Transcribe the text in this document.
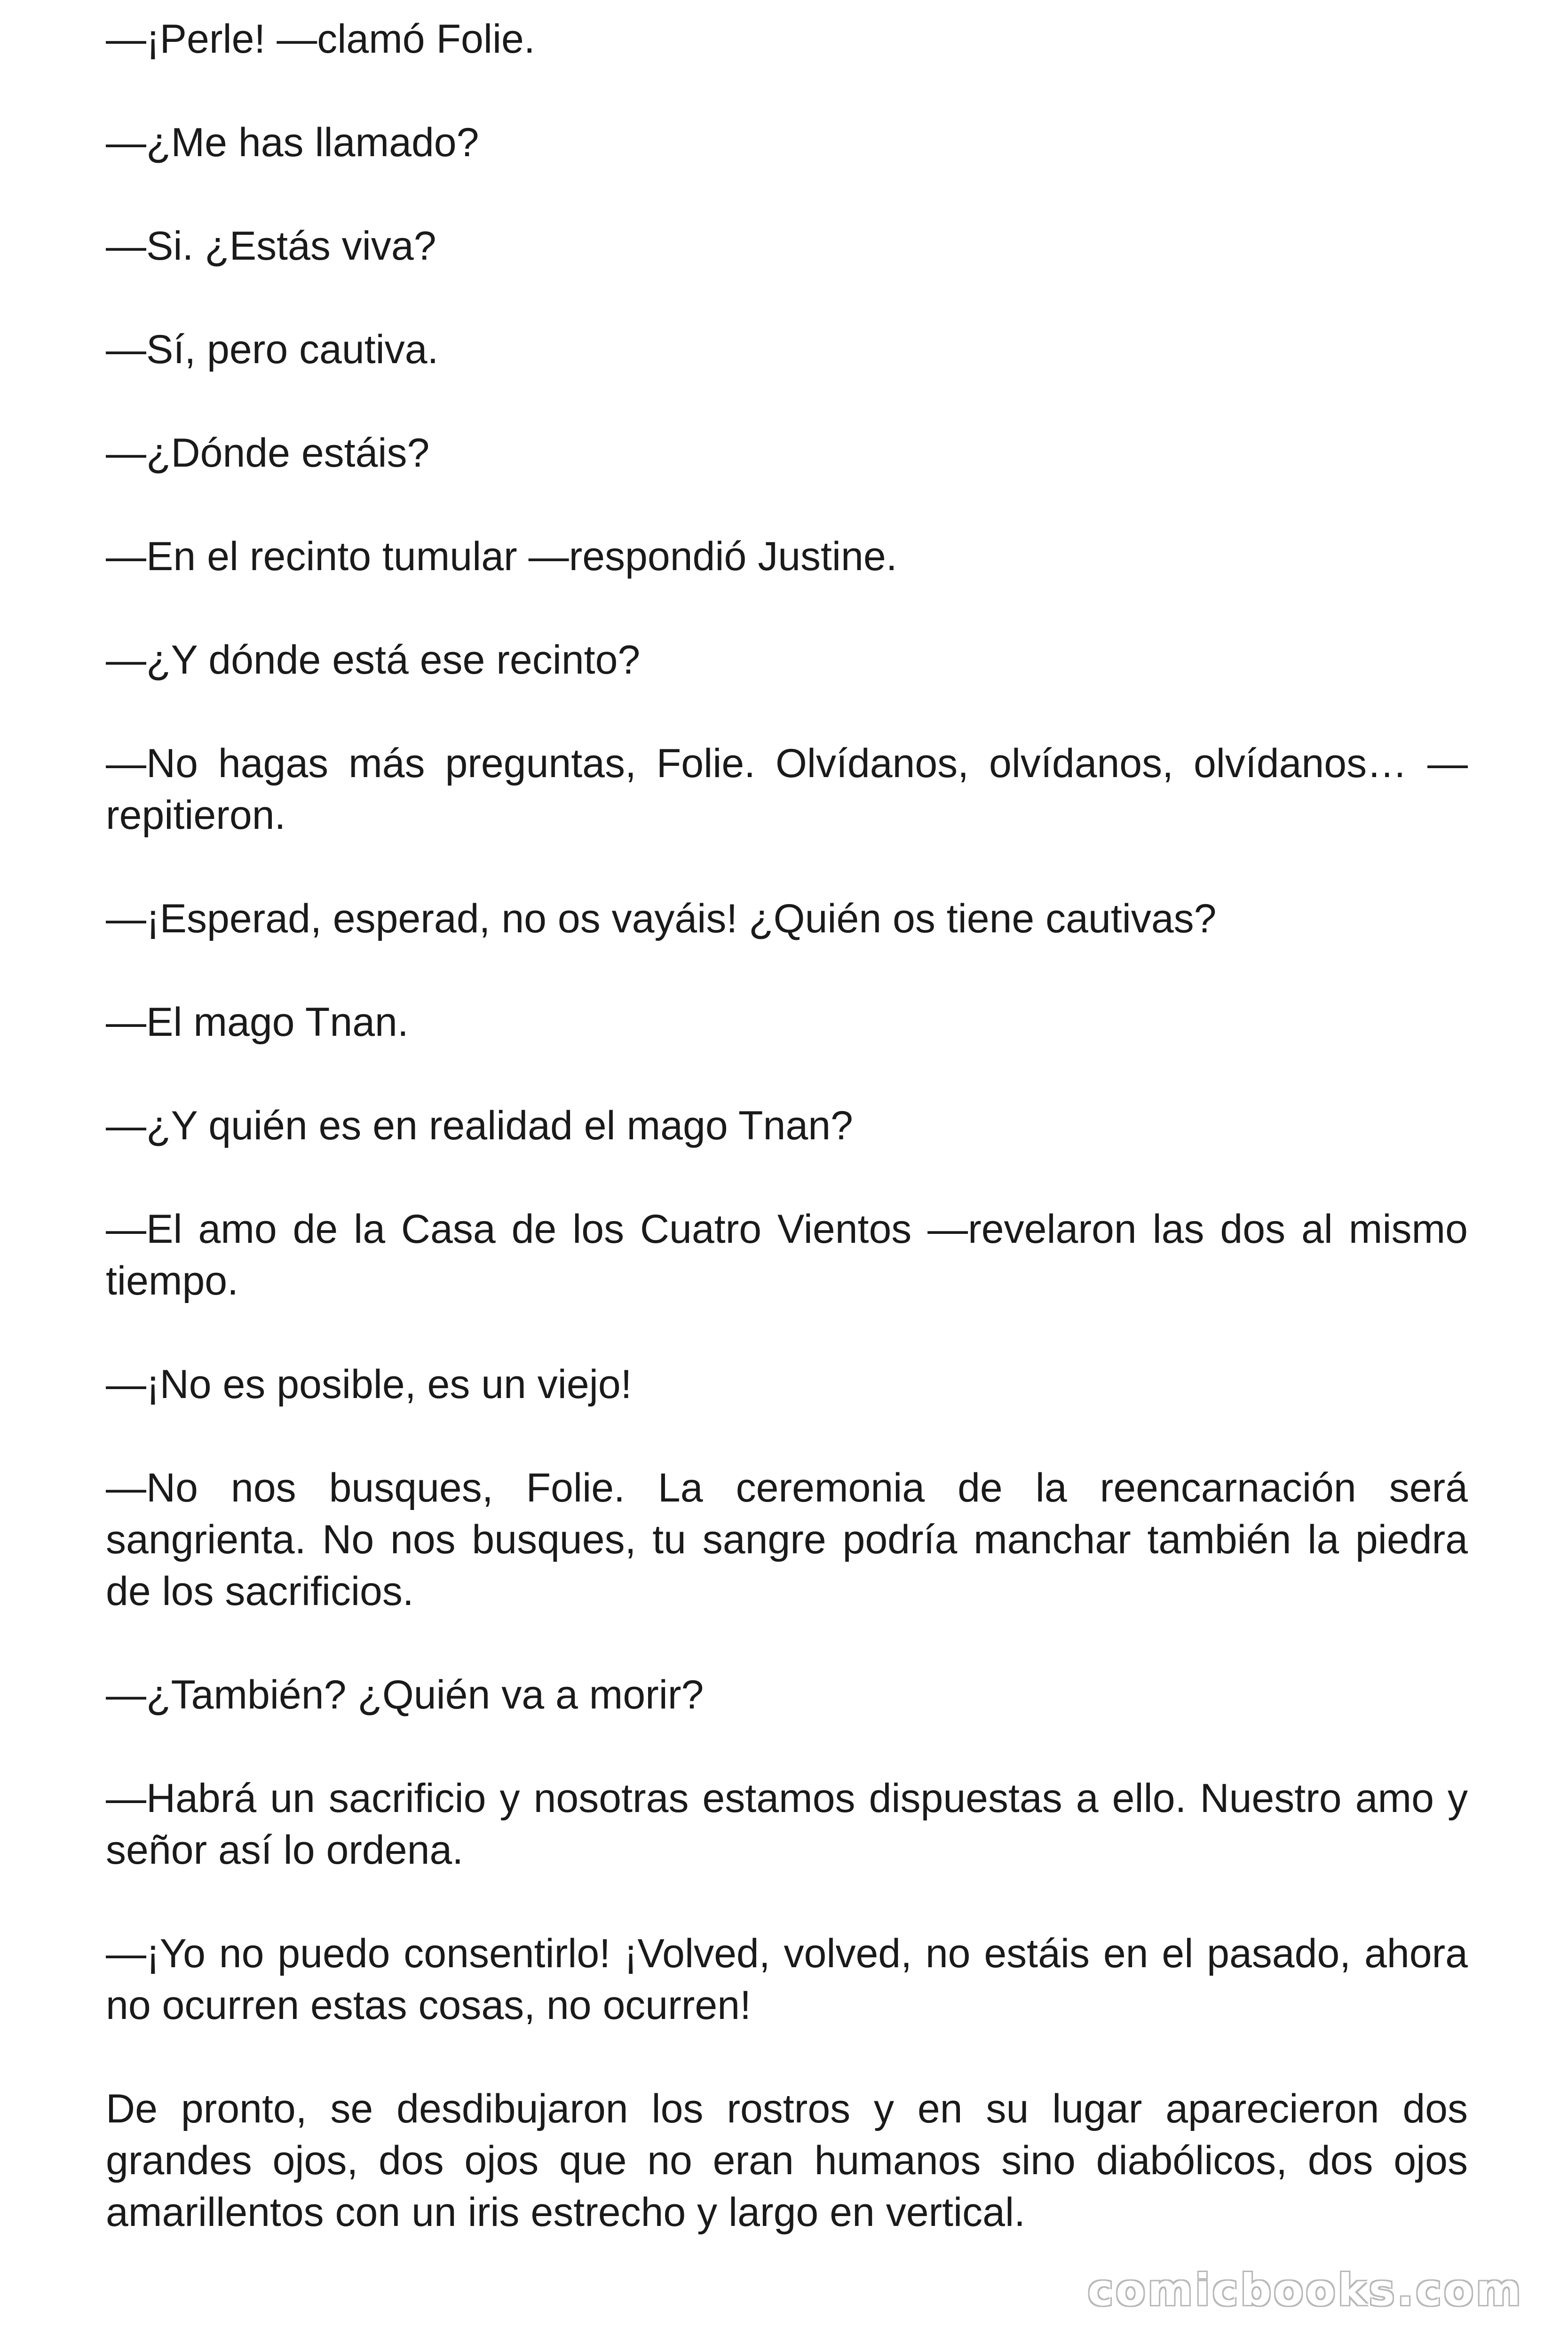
—¡Perle! —clamó Folie.

—¿Me has llamado?

—Si. ¿Estás viva?

—Sí, pero cautiva.

—¿Dónde estáis?

—En el recinto tumular —respondió Justine.

—¿Y dónde está ese recinto?

—No hagas más preguntas, Folie. Olvídanos, olvídanos, olvídanos… —repitieron.

—¡Esperad, esperad, no os vayáis! ¿Quién os tiene cautivas?

—El mago Tnan.

—¿Y quién es en realidad el mago Tnan?

—El amo de la Casa de los Cuatro Vientos —revelaron las dos al mismo tiempo.

—¡No es posible, es un viejo!

—No nos busques, Folie. La ceremonia de la reencarnación será sangrienta. No nos busques, tu sangre podría manchar también la piedra de los sacrificios.

—¿También? ¿Quién va a morir?

—Habrá un sacrificio y nosotras estamos dispuestas a ello. Nuestro amo y señor así lo ordena.

—¡Yo no puedo consentirlo! ¡Volved, volved, no estáis en el pasado, ahora no ocurren estas cosas, no ocurren!

De pronto, se desdibujaron los rostros y en su lugar aparecieron dos grandes ojos, dos ojos que no eran humanos sino diabólicos, dos ojos amarillentos con un iris estrecho y largo en vertical.

comicbooks.com
